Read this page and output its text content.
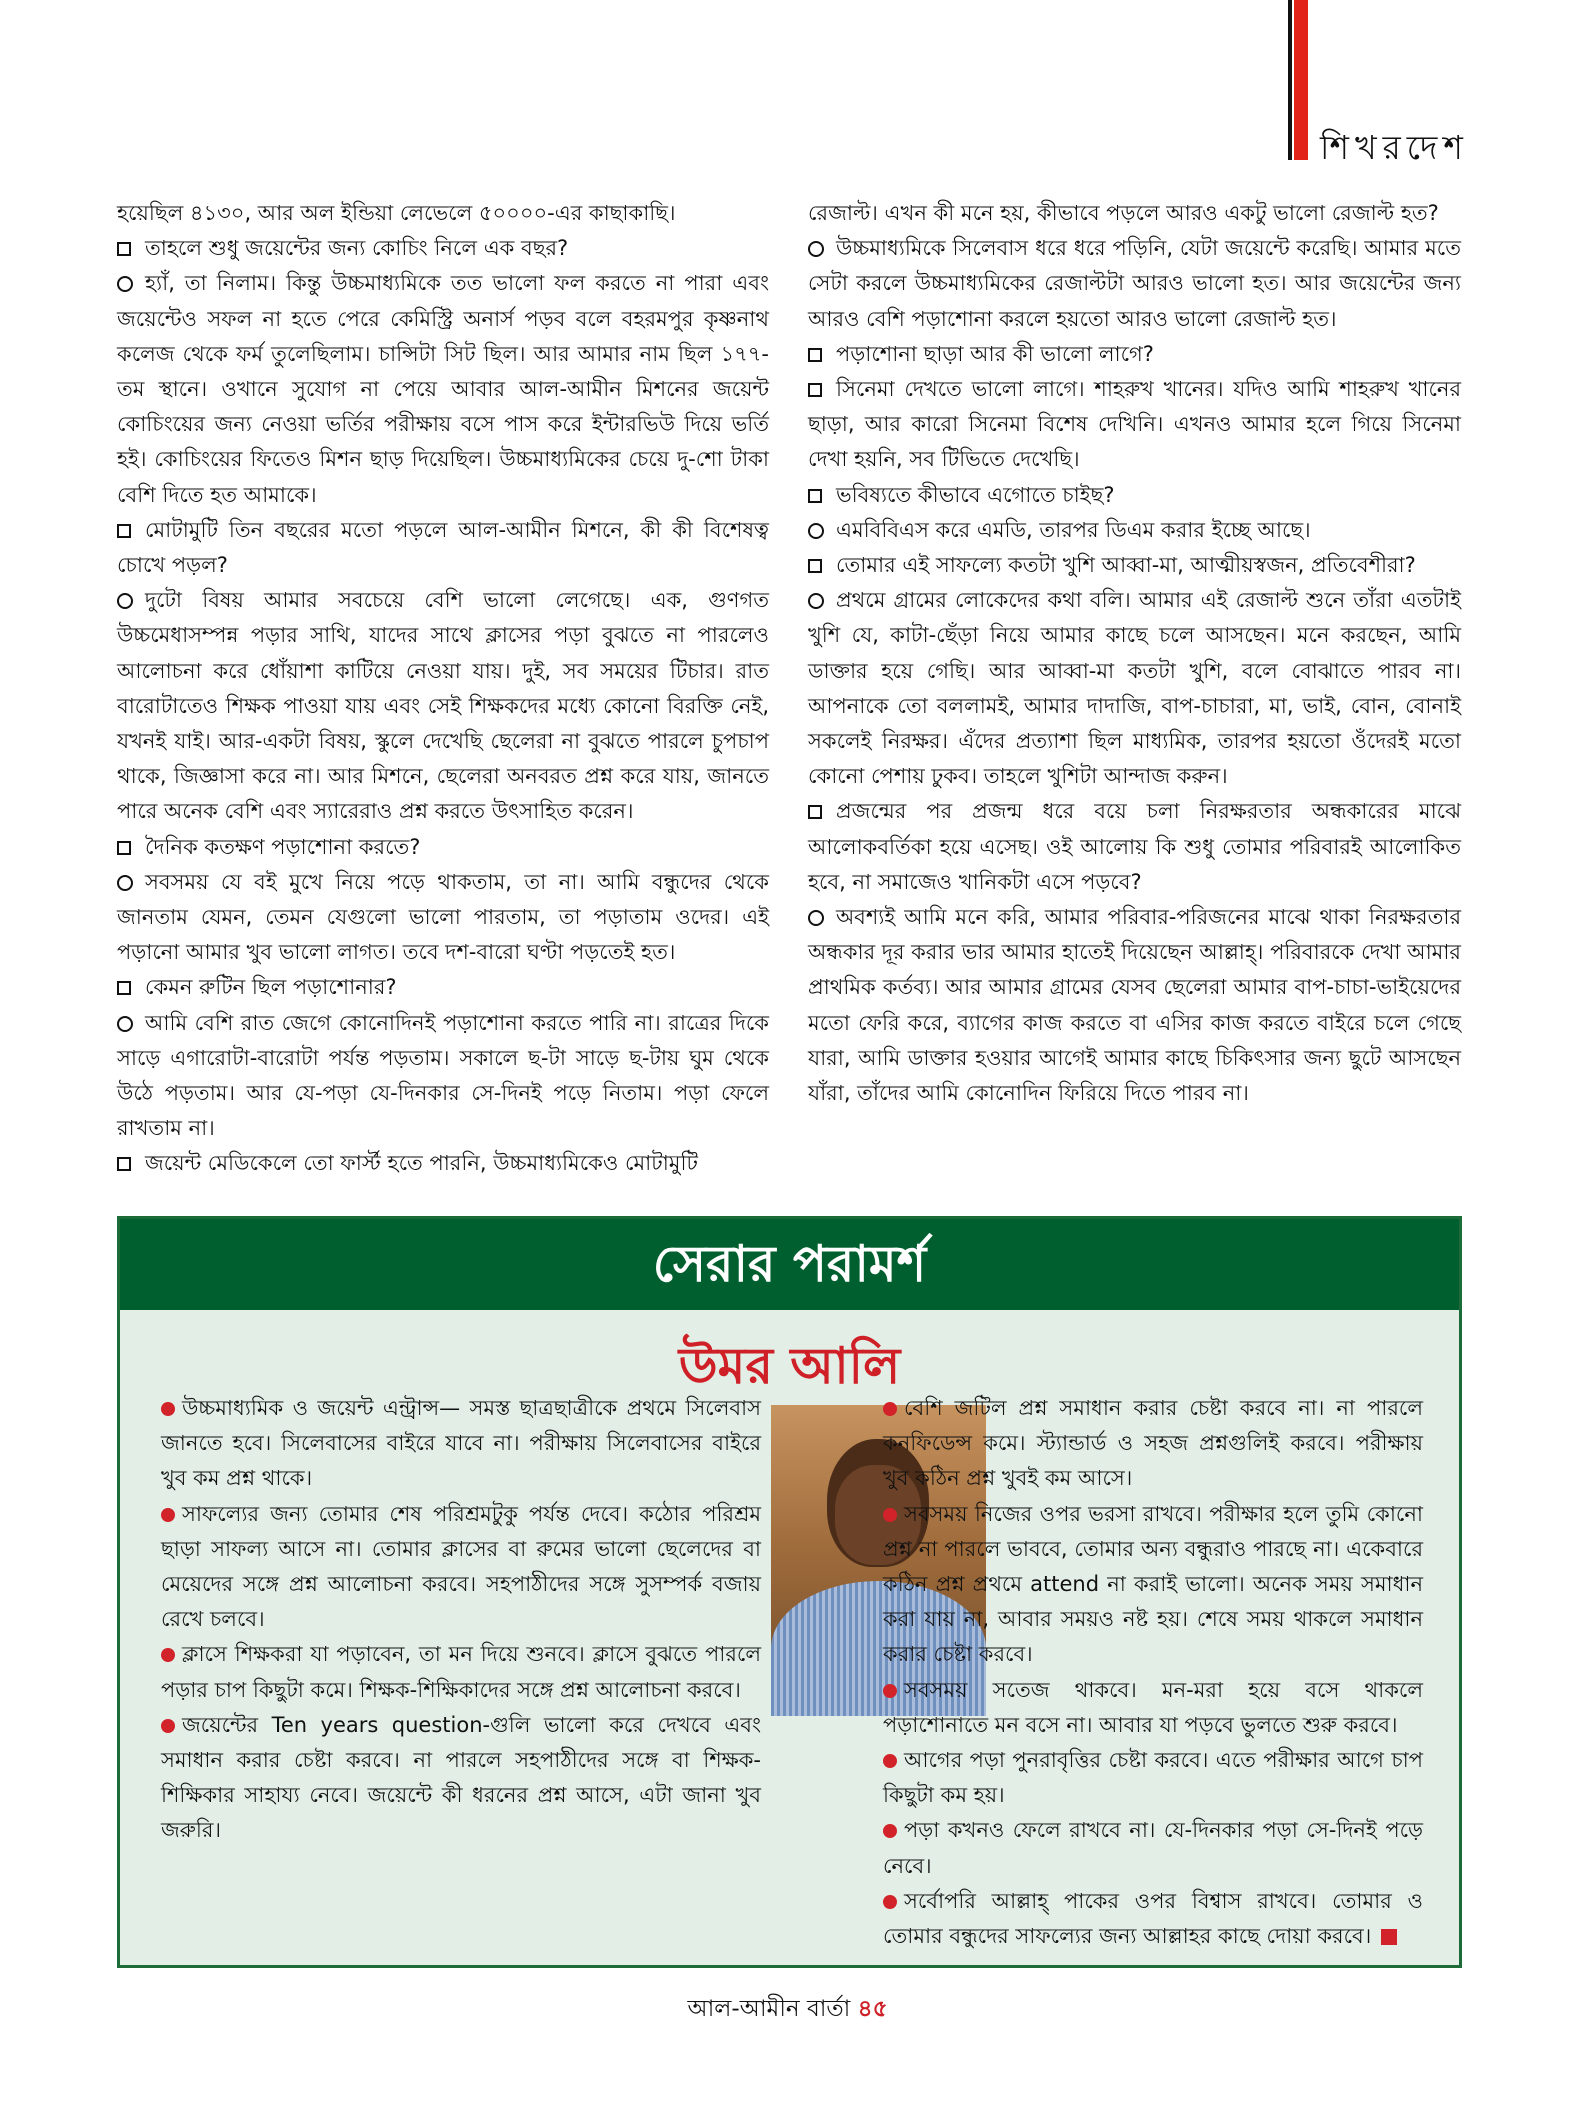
শিখরদেশ

হয়েছিল ৪১৩০, আর অল ইন্ডিয়া লেভেলে ৫০০০০-এর কাছাকাছি।

তাহলে শুধু জয়েন্টের জন্য কোচিং নিলে এক বছর?

হ্যাঁ, তা নিলাম। কিন্তু উচ্চমাধ্যমিকে তত ভালো ফল করতে না পারা এবং জয়েন্টেও সফল না হতে পেরে কেমিস্ট্রি অনার্স পড়ব বলে বহরমপুর কৃষ্ণনাথ কলেজ থেকে ফর্ম তুলেছিলাম। চান্সিটা সিট ছিল। আর আমার নাম ছিল ১৭৭-তম স্থানে। ওখানে সুযোগ না পেয়ে আবার আল-আমীন মিশনের জয়েন্ট কোচিংয়ের জন্য নেওয়া ভর্তির পরীক্ষায় বসে পাস করে ইন্টারভিউ দিয়ে ভর্তি হই। কোচিংয়ের ফিতেও মিশন ছাড় দিয়েছিল। উচ্চমাধ্যমিকের চেয়ে দু-শো টাকা বেশি দিতে হত আমাকে।

মোটামুটি তিন বছরের মতো পড়লে আল-আমীন মিশনে, কী কী বিশেষত্ব চোখে পড়ল?

দুটো বিষয় আমার সবচেয়ে বেশি ভালো লেগেছে। এক, গুণগত উচ্চমেধাসম্পন্ন পড়ার সাথি, যাদের সাথে ক্লাসের পড়া বুঝতে না পারলেও আলোচনা করে ধোঁয়াশা কাটিয়ে নেওয়া যায়। দুই, সব সময়ের টিচার। রাত বারোটাতেও শিক্ষক পাওয়া যায় এবং সেই শিক্ষকদের মধ্যে কোনো বিরক্তি নেই, যখনই যাই। আর-একটা বিষয়, স্কুলে দেখেছি ছেলেরা না বুঝতে পারলে চুপচাপ থাকে, জিজ্ঞাসা করে না। আর মিশনে, ছেলেরা অনবরত প্রশ্ন করে যায়, জানতে পারে অনেক বেশি এবং স্যারেরাও প্রশ্ন করতে উৎসাহিত করেন।

দৈনিক কতক্ষণ পড়াশোনা করতে?

সবসময় যে বই মুখে নিয়ে পড়ে থাকতাম, তা না। আমি বন্ধুদের থেকে জানতাম যেমন, তেমন যেগুলো ভালো পারতাম, তা পড়াতাম ওদের। এই পড়ানো আমার খুব ভালো লাগত। তবে দশ-বারো ঘণ্টা পড়তেই হত।

কেমন রুটিন ছিল পড়াশোনার?

আমি বেশি রাত জেগে কোনোদিনই পড়াশোনা করতে পারি না। রাত্রের দিকে সাড়ে এগারোটা-বারোটা পর্যন্ত পড়তাম। সকালে ছ-টা সাড়ে ছ-টায় ঘুম থেকে উঠে পড়তাম। আর যে-পড়া যে-দিনকার সে-দিনই পড়ে নিতাম। পড়া ফেলে রাখতাম না।

জয়েন্ট মেডিকেলে তো ফার্স্ট হতে পারনি, উচ্চমাধ্যমিকেও মোটামুটি

রেজাল্ট। এখন কী মনে হয়, কীভাবে পড়লে আরও একটু ভালো রেজাল্ট হত?

উচ্চমাধ্যমিকে সিলেবাস ধরে ধরে পড়িনি, যেটা জয়েন্টে করেছি। আমার মতে সেটা করলে উচ্চমাধ্যমিকের রেজাল্টটা আরও ভালো হত। আর জয়েন্টের জন্য আরও বেশি পড়াশোনা করলে হয়তো আরও ভালো রেজাল্ট হত।

পড়াশোনা ছাড়া আর কী ভালো লাগে?

সিনেমা দেখতে ভালো লাগে। শাহরুখ খানের। যদিও আমি শাহরুখ খানের ছাড়া, আর কারো সিনেমা বিশেষ দেখিনি। এখনও আমার হলে গিয়ে সিনেমা দেখা হয়নি, সব টিভিতে দেখেছি।

ভবিষ্যতে কীভাবে এগোতে চাইছ?

এমবিবিএস করে এমডি, তারপর ডিএম করার ইচ্ছে আছে।

তোমার এই সাফল্যে কতটা খুশি আব্বা-মা, আত্মীয়স্বজন, প্রতিবেশীরা?

প্রথমে গ্রামের লোকেদের কথা বলি। আমার এই রেজাল্ট শুনে তাঁরা এতটাই খুশি যে, কাটা-ছেঁড়া নিয়ে আমার কাছে চলে আসছেন। মনে করছেন, আমি ডাক্তার হয়ে গেছি। আর আব্বা-মা কতটা খুশি, বলে বোঝাতে পারব না। আপনাকে তো বললামই, আমার দাদাজি, বাপ-চাচারা, মা, ভাই, বোন, বোনাই সকলেই নিরক্ষর। এঁদের প্রত্যাশা ছিল মাধ্যমিক, তারপর হয়তো ওঁদেরই মতো কোনো পেশায় ঢুকব। তাহলে খুশিটা আন্দাজ করুন।

প্রজন্মের পর প্রজন্ম ধরে বয়ে চলা নিরক্ষরতার অন্ধকারের মাঝে আলোকবর্তিকা হয়ে এসেছ। ওই আলোয় কি শুধু তোমার পরিবারই আলোকিত হবে, না সমাজেও খানিকটা এসে পড়বে?

অবশ্যই আমি মনে করি, আমার পরিবার-পরিজনের মাঝে থাকা নিরক্ষরতার অন্ধকার দূর করার ভার আমার হাতেই দিয়েছেন আল্লাহ্। পরিবারকে দেখা আমার প্রাথমিক কর্তব্য। আর আমার গ্রামের যেসব ছেলেরা আমার বাপ-চাচা-ভাইয়েদের মতো ফেরি করে, ব্যাগের কাজ করতে বা এসির কাজ করতে বাইরে চলে গেছে যারা, আমি ডাক্তার হওয়ার আগেই আমার কাছে চিকিৎসার জন্য ছুটে আসছেন যাঁরা, তাঁদের আমি কোনোদিন ফিরিয়ে দিতে পারব না।

সেরার পরামর্শ
উমর আলি

উচ্চমাধ্যমিক ও জয়েন্ট এন্ট্রান্স— সমস্ত ছাত্রছাত্রীকে প্রথমে সিলেবাস জানতে হবে। সিলেবাসের বাইরে যাবে না। পরীক্ষায় সিলেবাসের বাইরে খুব কম প্রশ্ন থাকে।

সাফল্যের জন্য তোমার শেষ পরিশ্রমটুকু পর্যন্ত দেবে। কঠোর পরিশ্রম ছাড়া সাফল্য আসে না। তোমার ক্লাসের বা রুমের ভালো ছেলেদের বা মেয়েদের সঙ্গে প্রশ্ন আলোচনা করবে। সহপাঠীদের সঙ্গে সুসম্পর্ক বজায় রেখে চলবে।

ক্লাসে শিক্ষকরা যা পড়াবেন, তা মন দিয়ে শুনবে। ক্লাসে বুঝতে পারলে পড়ার চাপ কিছুটা কমে। শিক্ষক-শিক্ষিকাদের সঙ্গে প্রশ্ন আলোচনা করবে।

জয়েন্টের Ten years question-গুলি ভালো করে দেখবে এবং সমাধান করার চেষ্টা করবে। না পারলে সহপাঠীদের সঙ্গে বা শিক্ষক-শিক্ষিকার সাহায্য নেবে। জয়েন্টে কী ধরনের প্রশ্ন আসে, এটা জানা খুব জরুরি।

বেশি জটিল প্রশ্ন সমাধান করার চেষ্টা করবে না। না পারলে কনফিডেন্স কমে। স্ট্যান্ডার্ড ও সহজ প্রশ্নগুলিই করবে। পরীক্ষায় খুব কঠিন প্রশ্ন খুবই কম আসে।

সবসময় নিজের ওপর ভরসা রাখবে। পরীক্ষার হলে তুমি কোনো প্রশ্ন না পারলে ভাববে, তোমার অন্য বন্ধুরাও পারছে না। একেবারে কঠিন প্রশ্ন প্রথমে attend না করাই ভালো। অনেক সময় সমাধান করা যায় না, আবার সময়ও নষ্ট হয়। শেষে সময় থাকলে সমাধান করার চেষ্টা করবে।

সবসময় সতেজ থাকবে। মন-মরা হয়ে বসে থাকলে পড়াশোনাতে মন বসে না। আবার যা পড়বে ভুলতে শুরু করবে।

আগের পড়া পুনরাবৃত্তির চেষ্টা করবে। এতে পরীক্ষার আগে চাপ কিছুটা কম হয়।

পড়া কখনও ফেলে রাখবে না। যে-দিনকার পড়া সে-দিনই পড়ে নেবে।

সর্বোপরি আল্লাহ্ পাকের ওপর বিশ্বাস রাখবে। তোমার ও তোমার বন্ধুদের সাফল্যের জন্য আল্লাহর কাছে দোয়া করবে।

আল-আমীন বার্তা ৪৫
